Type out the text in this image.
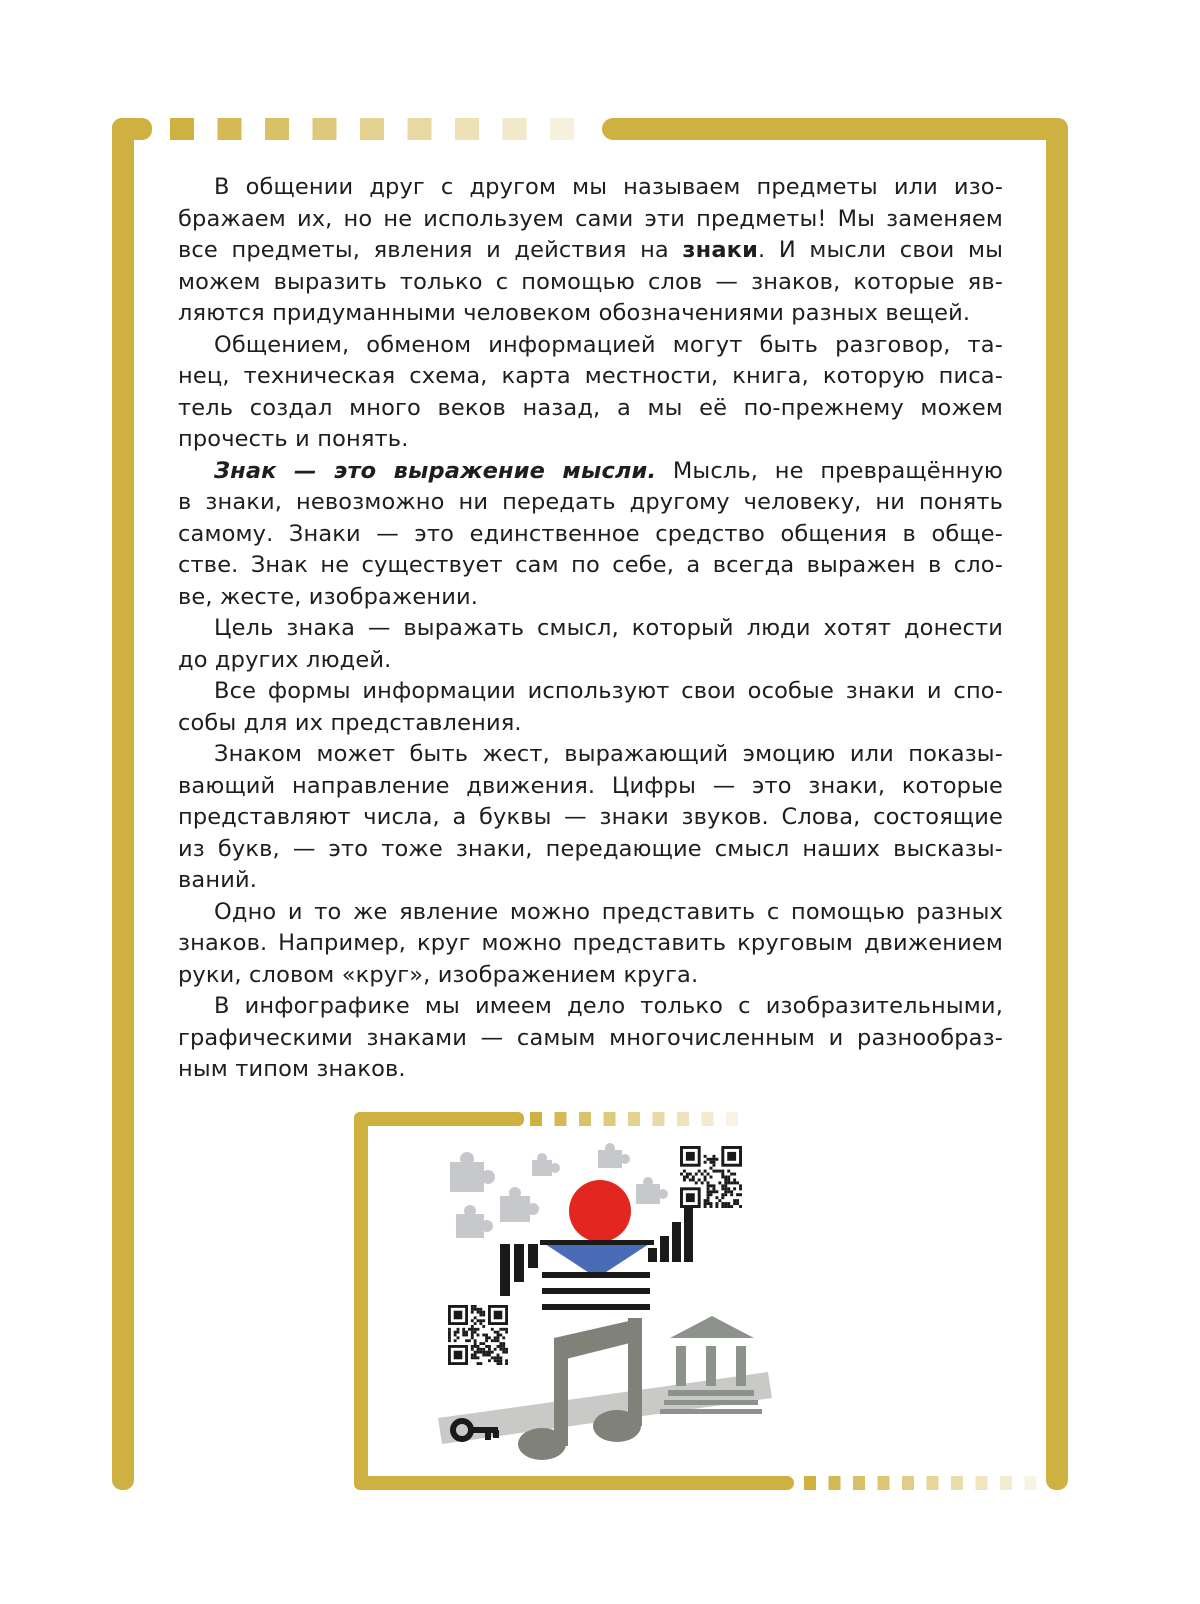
В общении друг с другом мы называем предметы или изо-
бражаем их, но не используем сами эти предметы! Мы заменяем
все предметы, явления и действия на знаки. И мысли свои мы
можем выразить только с помощью слов — знаков, которые яв-
ляются придуманными человеком обозначениями разных вещей.
Общением, обменом информацией могут быть разговор, та-
нец, техническая схема, карта местности, книга, которую писа-
тель создал много веков назад, а мы её по-прежнему можем
прочесть и понять.
Знак — это выражение мысли. Мысль, не превращённую
в знаки, невозможно ни передать другому человеку, ни понять
самому. Знаки — это единственное средство общения в обще-
стве. Знак не существует сам по себе, а всегда выражен в сло-
ве, жесте, изображении.
Цель знака — выражать смысл, который люди хотят донести
до других людей.
Все формы информации используют свои особые знаки и спо-
собы для их представления.
Знаком может быть жест, выражающий эмоцию или показы-
вающий направление движения. Цифры — это знаки, которые
представляют числа, а буквы — знаки звуков. Слова, состоящие
из букв, — это тоже знаки, передающие смысл наших высказы-
ваний.
Одно и то же явление можно представить с помощью разных
знаков. Например, круг можно представить круговым движением
руки, словом «круг», изображением круга.
В инфографике мы имеем дело только с изобразительными,
графическими знаками — самым многочисленным и разнообраз-
ным типом знаков.
